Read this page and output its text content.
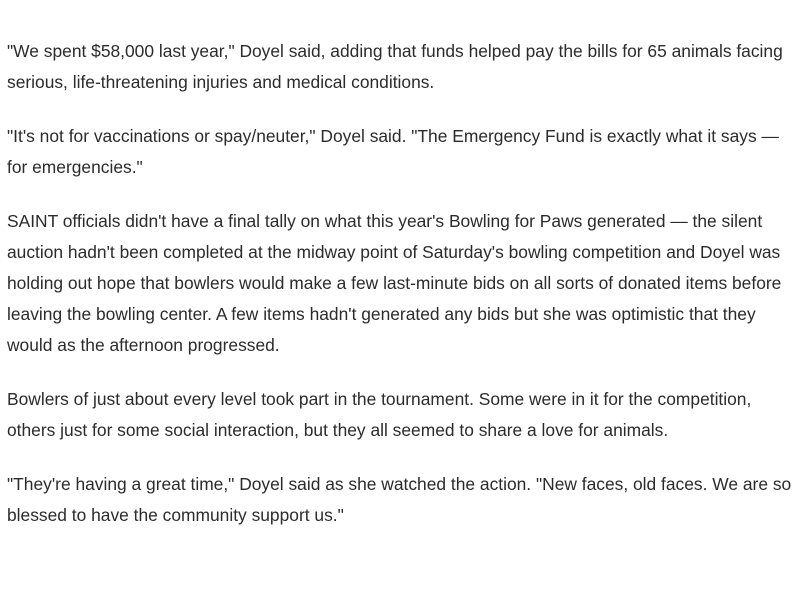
"We spent $58,000 last year," Doyel said, adding that funds helped pay the bills for 65 animals facing serious, life-threatening injuries and medical conditions.

"It's not for vaccinations or spay/neuter," Doyel said. "The Emergency Fund is exactly what it says — for emergencies."

SAINT officials didn't have a final tally on what this year's Bowling for Paws generated — the silent auction hadn't been completed at the midway point of Saturday's bowling competition and Doyel was holding out hope that bowlers would make a few last-minute bids on all sorts of donated items before leaving the bowling center. A few items hadn't generated any bids but she was optimistic that they would as the afternoon progressed.

Bowlers of just about every level took part in the tournament. Some were in it for the competition, others just for some social interaction, but they all seemed to share a love for animals.

"They're having a great time," Doyel said as she watched the action. "New faces, old faces. We are so blessed to have the community support us."
